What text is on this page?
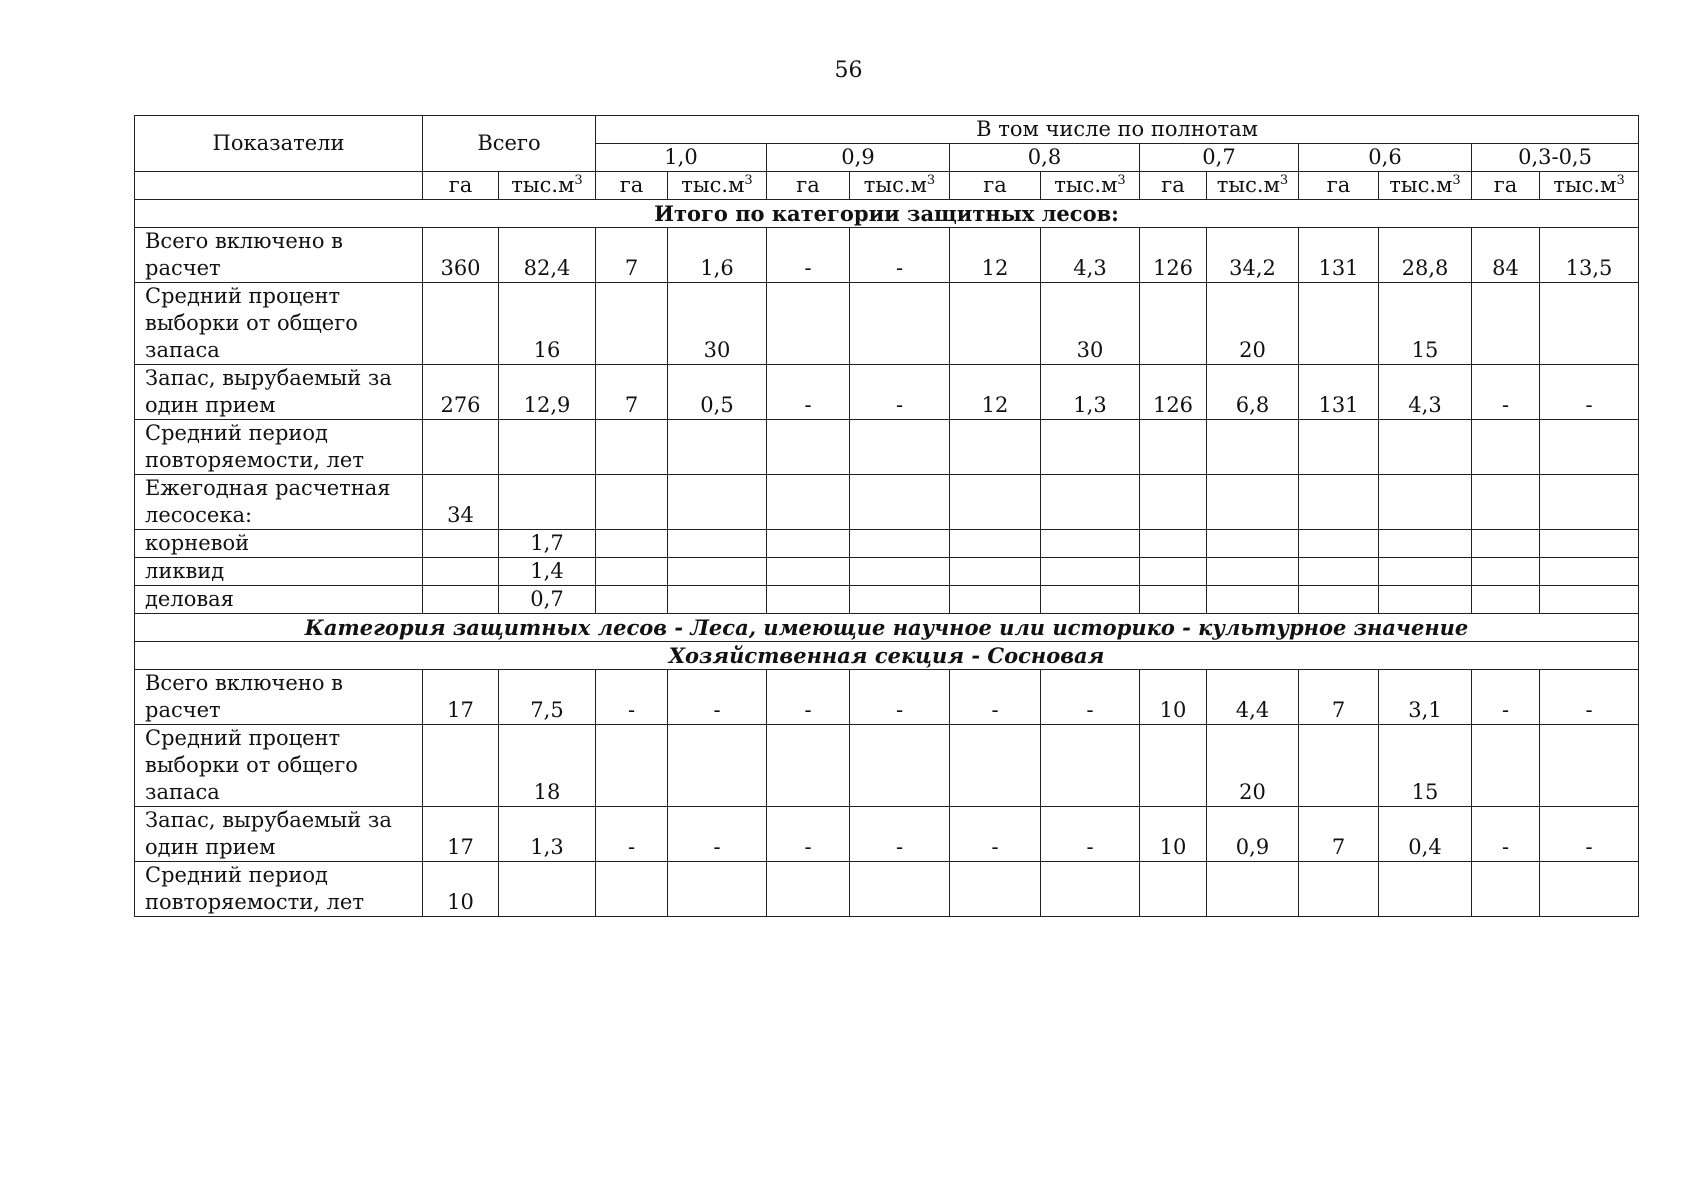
56
Показатели	Всего		В том числе по полнотам											
			1,0		0,9		0,8		0,7		0,6		0,3-0,5	
	га	$тыс.м^3$	га	$тыс.м^3$	га	$тыс.м^3$	га	$тыс.м^3$	га	$тыс.м^3$	га	$тыс.м^3$	га	$тыс.м^3$
Итого по категории защитных лесов:														
Всего включено в расчет	360	82,4	7	1,6	-	-	12	4,3	126	34,2	131	28,8	84	13,5
Средний процент выборки от общего запаса		16		30				30		20		15		
Запас, вырубаемый за один прием	276	12,9	7	0,5	-	-	12	1,3	126	6,8	131	4,3	-	-
Средний период повторяемости, лет														
Ежегодная расчетная лесосека:	34													
корневой		1,7												
ликвид		1,4												
деловая		0,7												
Категория защитных лесов - Леса, имеющие научное или историко - культурное значение														
Хозяйственная секция - Сосновая														
Всего включено в расчет	17	7,5	-	-	-	-	-	-	10	4,4	7	3,1	-	-
Средний процент выборки от общего запаса		18								20		15		
Запас, вырубаемый за один прием	17	1,3	-	-	-	-	-	-	10	0,9	7	0,4	-	-
Средний период повторяемости, лет	10													
